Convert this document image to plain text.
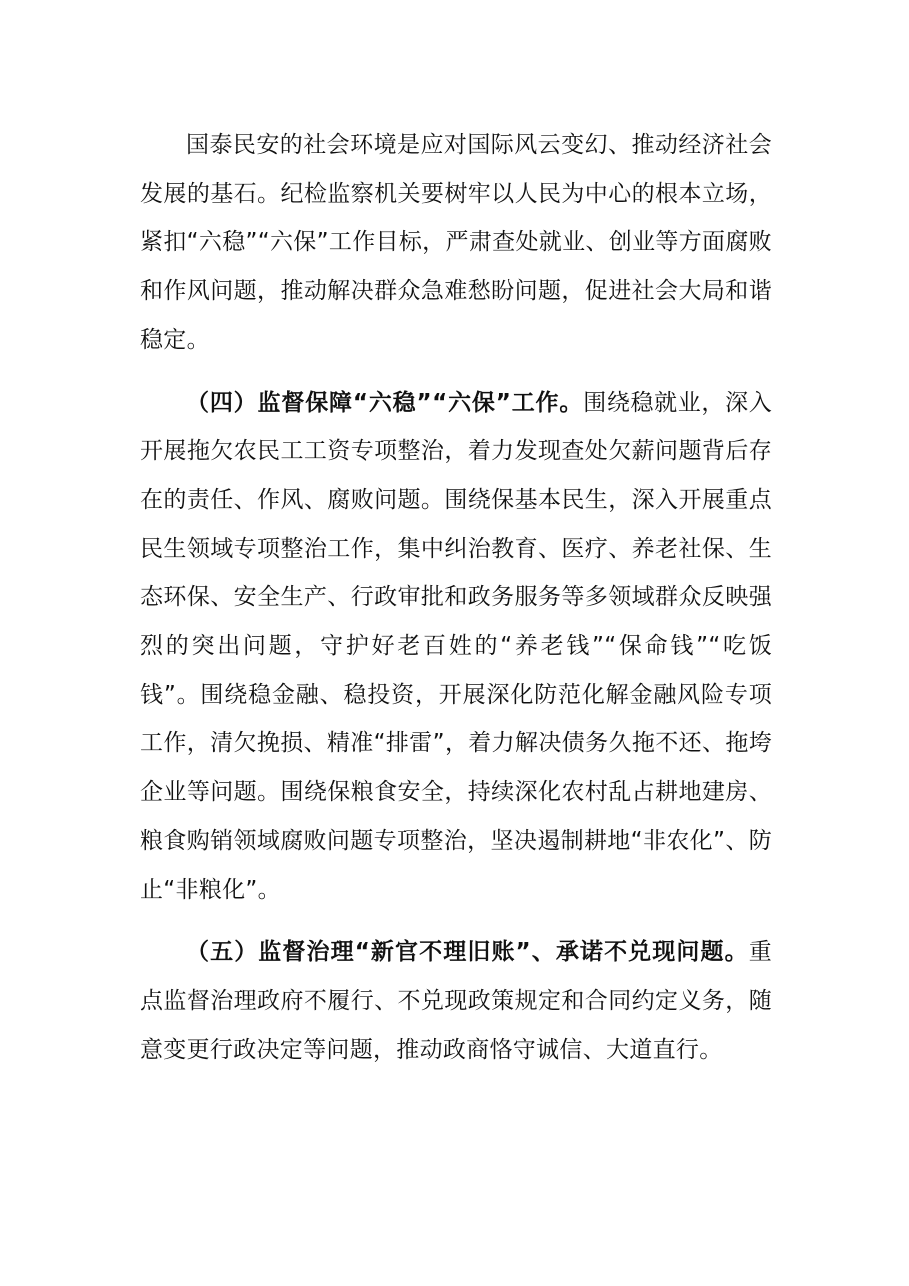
国泰民安的社会环境是应对国际风云变幻、推动经济社会发展的基石。纪检监察机关要树牢以人民为中心的根本立场，紧扣“六稳”“六保”工作目标，严肃查处就业、创业等方面腐败和作风问题，推动解决群众急难愁盼问题，促进社会大局和谐稳定。

（四）监督保障“六稳”“六保”工作。围绕稳就业，深入开展拖欠农民工工资专项整治，着力发现查处欠薪问题背后存在的责任、作风、腐败问题。围绕保基本民生，深入开展重点民生领域专项整治工作，集中纠治教育、医疗、养老社保、生态环保、安全生产、行政审批和政务服务等多领域群众反映强烈的突出问题，守护好老百姓的“养老钱”“保命钱”“吃饭钱”。围绕稳金融、稳投资，开展深化防范化解金融风险专项工作，清欠挽损、精准“排雷”，着力解决债务久拖不还、拖垮企业等问题。围绕保粮食安全，持续深化农村乱占耕地建房、粮食购销领域腐败问题专项整治，坚决遏制耕地“非农化”、防止“非粮化”。

（五）监督治理“新官不理旧账”、承诺不兑现问题。重点监督治理政府不履行、不兑现政策规定和合同约定义务，随意变更行政决定等问题，推动政商恪守诚信、大道直行。
